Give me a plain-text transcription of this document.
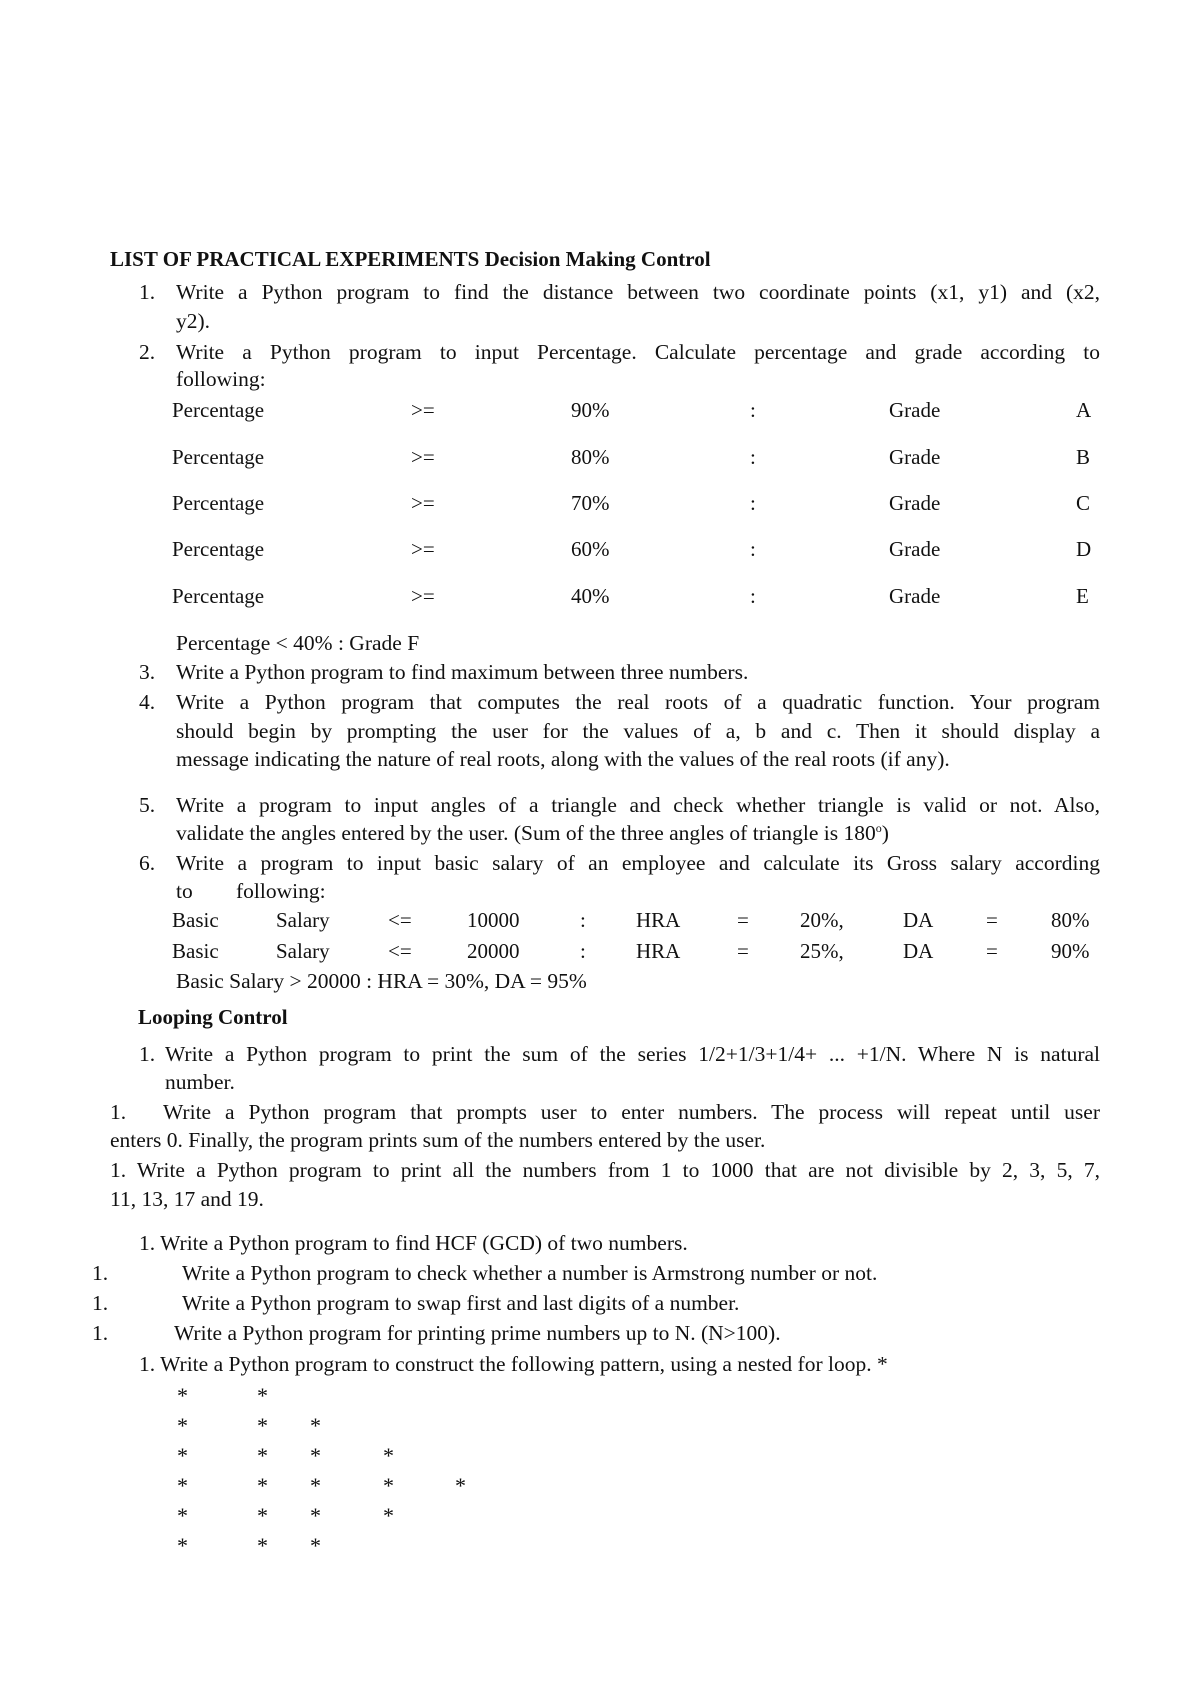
LIST OF PRACTICAL EXPERIMENTS Decision Making Control
1. Write a Python program to find the distance between two coordinate points (x1, y1) and (x2,
y2).
2. Write a Python program to input Percentage. Calculate percentage and grade according to
following:
Percentage	>=	90%	:	Grade	A
Percentage	>=	80%	:	Grade	B
Percentage	>=	70%	:	Grade	C
Percentage	>=	60%	:	Grade	D
Percentage	>=	40%	:	Grade	E
Percentage < 40% : Grade F
3. Write a Python program to find maximum between three numbers.
4. Write a Python program that computes the real roots of a quadratic function. Your program
should begin by prompting the user for the values of a, b and c. Then it should display a
message indicating the nature of real roots, along with the values of the real roots (if any).
5. Write a program to input angles of a triangle and check whether triangle is valid or not. Also,
validate the angles entered by the user. (Sum of the three angles of triangle is 180$^o$)
6. Write a program to input basic salary of an employee and calculate its Gross salary according
to following:
Basic	Salary	<=	10000	: HRA	= 20%,	DA	=	80%
Basic	Salary	<=	20000	: HRA	= 25%,	DA	=	90%
Basic Salary > 20000 : HRA = 30%, DA = 95%
Looping Control
1. Write a Python program to print the sum of the series 1/2+1/3+1/4+ ... +1/N. Where N is natural
number.
1. Write a Python program that prompts user to enter numbers. The process will repeat until user
enters 0. Finally, the program prints sum of the numbers entered by the user.
1. Write a Python program to print all the numbers from 1 to 1000 that are not divisible by 2, 3, 5, 7,
11, 13, 17 and 19.
1. Write a Python program to find HCF (GCD) of two numbers.
1.	Write a Python program to check whether a number is Armstrong number or not.
1.	Write a Python program to swap first and last digits of a number.
1.	Write a Python program for printing prime numbers up to N. (N>100).
1. Write a Python program to construct the following pattern, using a nested for loop. *
*	*
*	* *
*	* *	*
*	* *	*	*
*	* *	*
*	* *
